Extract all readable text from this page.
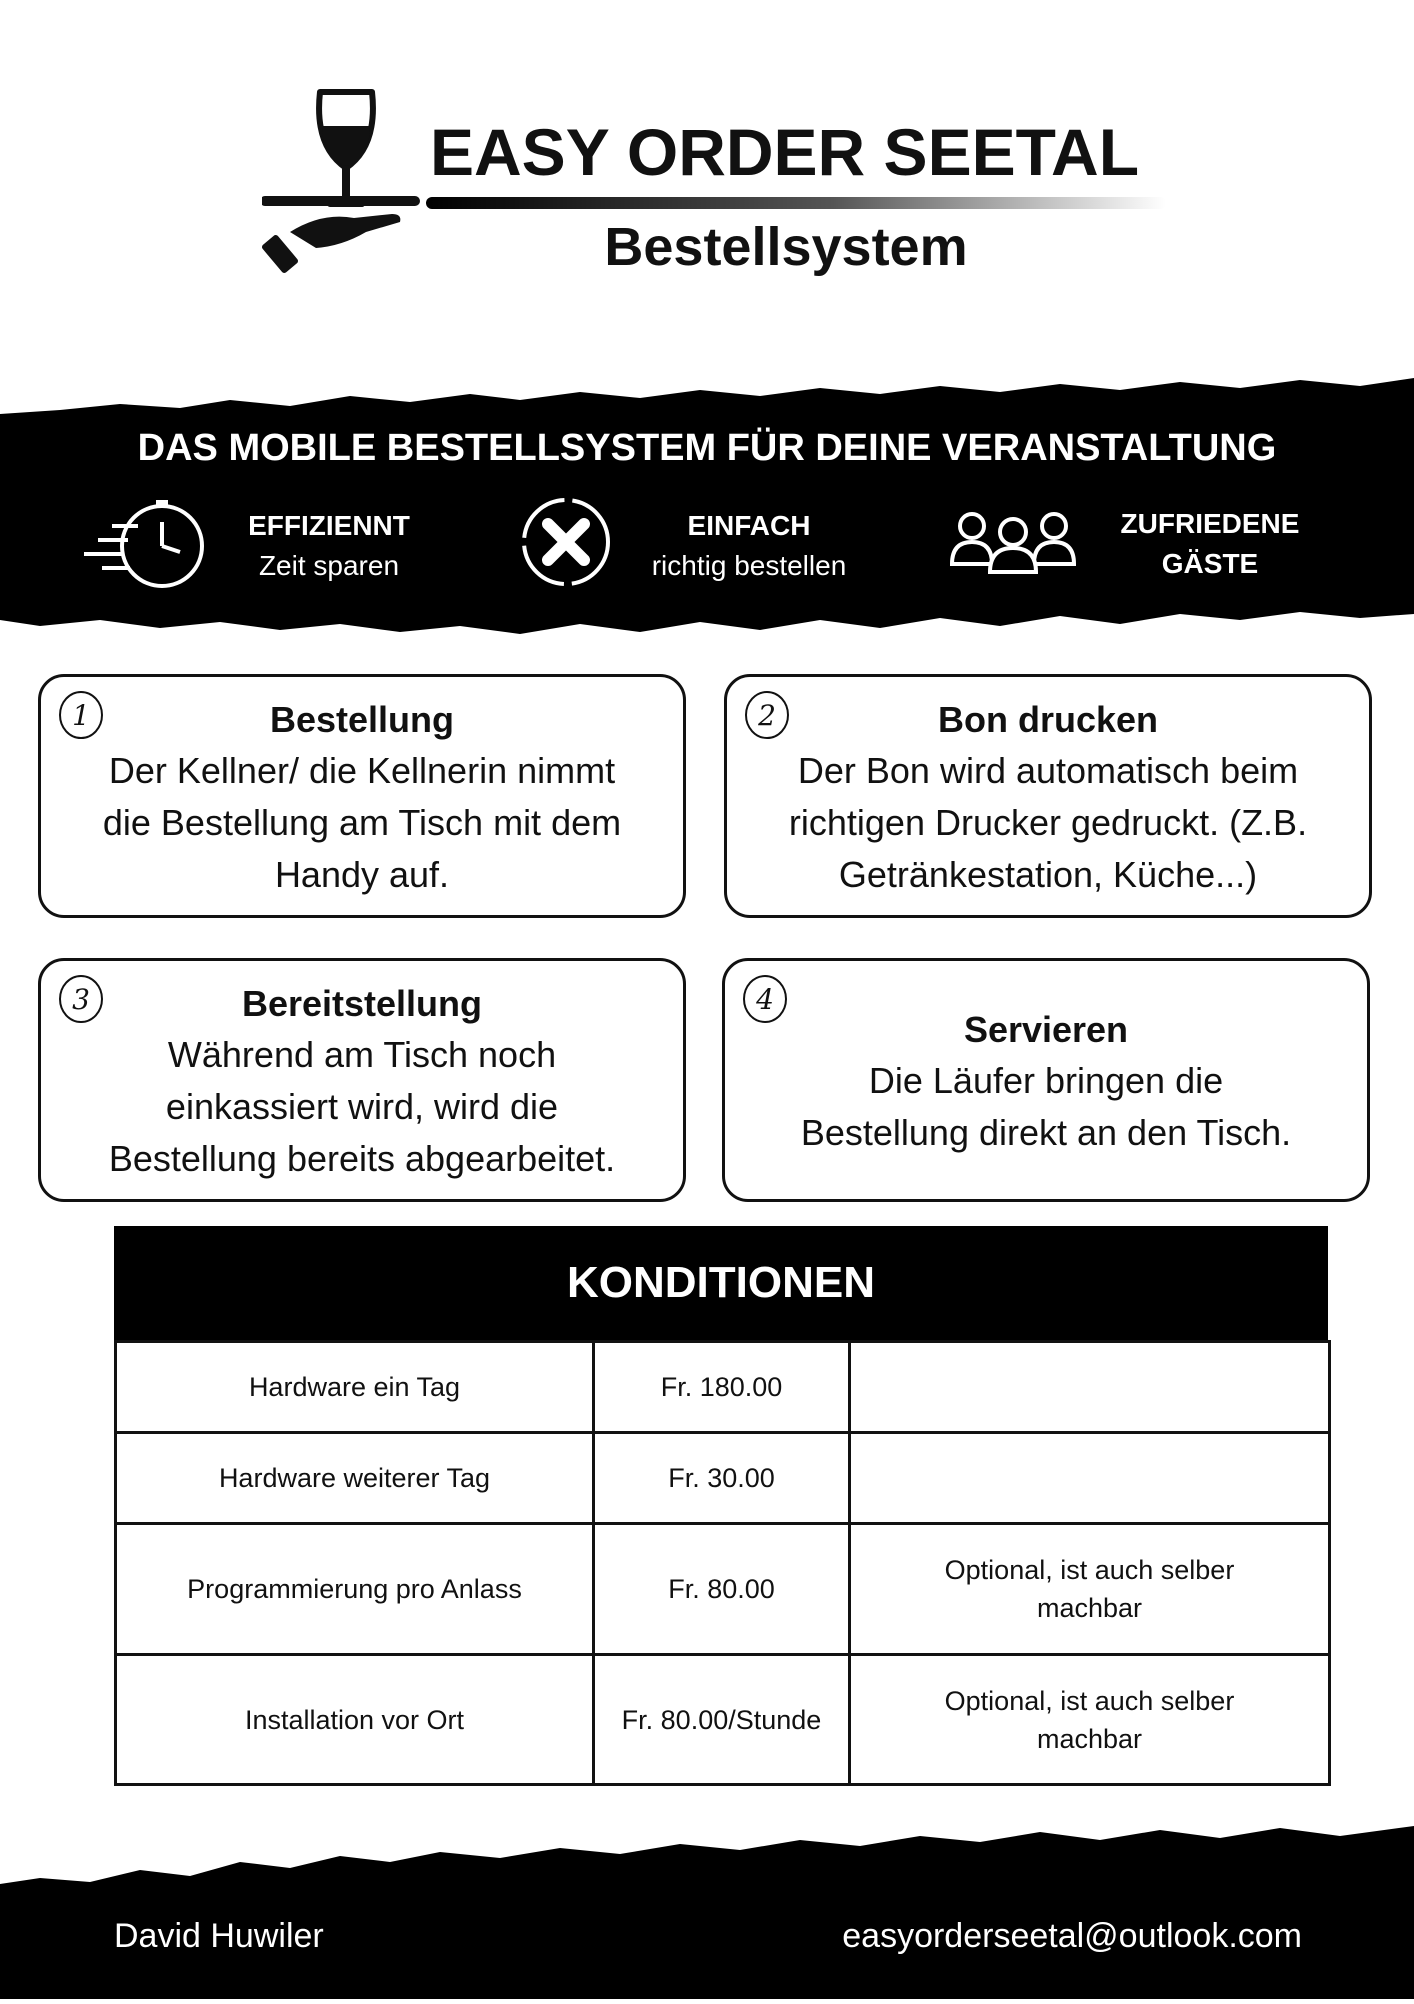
EASY ORDER SEETAL
Bestellsystem
DAS MOBILE BESTELLSYSTEM FÜR DEINE VERANSTALTUNG
EFFIZIENNT
Zeit sparen
EINFACH
richtig bestellen
ZUFRIEDENE
GÄSTE
1	Bestellung
Der Kellner/ die Kellnerin nimmt
die Bestellung am Tisch mit dem
Handy auf.
2	Bon drucken
Der Bon wird automatisch beim
richtigen Drucker gedruckt. (Z.B.
Getränkestation, Küche...)
3	Bereitstellung
Während am Tisch noch
einkassiert wird, wird die
Bestellung bereits abgearbeitet.
4
Servieren
Die Läufer bringen die
Bestellung direkt an den Tisch.
KONDITIONEN
Hardware ein Tag	Fr. 180.00	
Hardware weiterer Tag	Fr. 30.00	
Programmierung pro Anlass	Fr. 80.00	Optional, ist auch selber machbar
Installation vor Ort	Fr. 80.00/Stunde	Optional, ist auch selber machbar
David Huwiler	easyorderseetal@outlook.com
